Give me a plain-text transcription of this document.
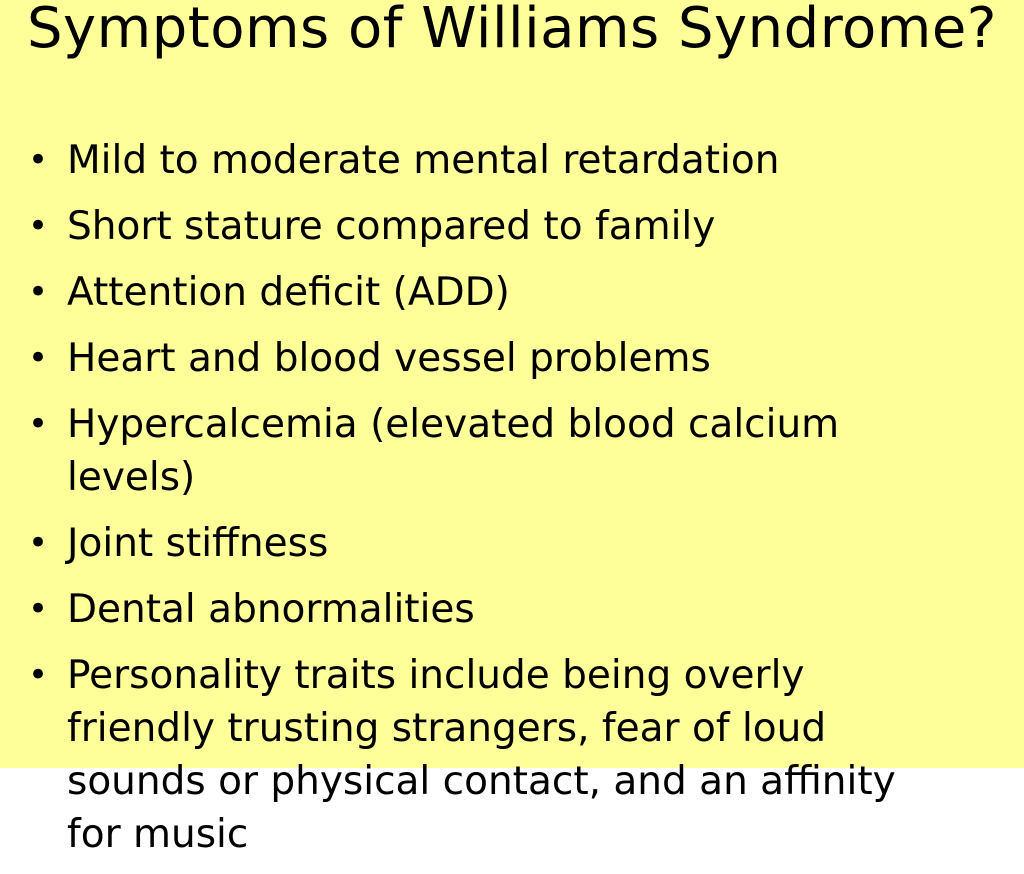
Symptoms of Williams Syndrome?
• Mild to moderate mental retardation
• Short stature compared to family
• Attention deficit (ADD)
• Heart and blood vessel problems
• Hypercalcemia (elevated blood calcium levels)
• Joint stiffness
• Dental abnormalities
• Personality traits include being overly friendly trusting strangers, fear of loud sounds or physical contact, and an affinity for music
